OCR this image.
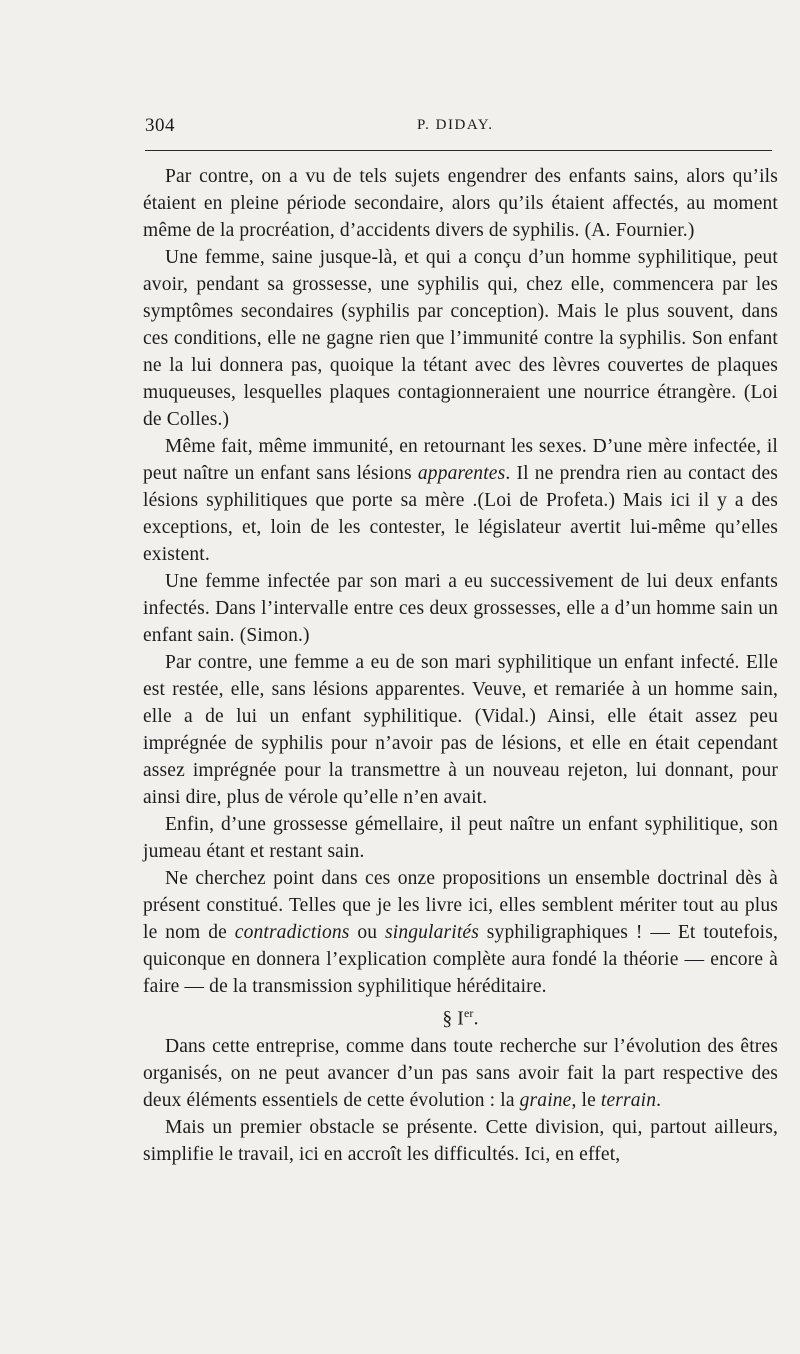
304	P. DIDAY.

Par contre, on a vu de tels sujets engendrer des enfants sains, alors qu’ils étaient en pleine période secondaire, alors qu’ils étaient affectés, au moment même de la procréation, d’accidents divers de syphilis. (A. Fournier.)

Une femme, saine jusque-là, et qui a conçu d’un homme syphilitique, peut avoir, pendant sa grossesse, une syphilis qui, chez elle, commencera par les symptômes secondaires (syphilis par conception). Mais le plus souvent, dans ces conditions, elle ne gagne rien que l’immunité contre la syphilis. Son enfant ne la lui donnera pas, quoique la tétant avec des lèvres couvertes de plaques muqueuses, lesquelles plaques contagionneraient une nourrice étrangère. (Loi de Colles.)

Même fait, même immunité, en retournant les sexes. D’une mère infectée, il peut naître un enfant sans lésions apparentes. Il ne prendra rien au contact des lésions syphilitiques que porte sa mère .(Loi de Profeta.) Mais ici il y a des exceptions, et, loin de les contester, le législateur avertit lui-même qu’elles existent.

Une femme infectée par son mari a eu successivement de lui deux enfants infectés. Dans l’intervalle entre ces deux grossesses, elle a d’un homme sain un enfant sain. (Simon.)

Par contre, une femme a eu de son mari syphilitique un enfant infecté. Elle est restée, elle, sans lésions apparentes. Veuve, et remariée à un homme sain, elle a de lui un enfant syphilitique. (Vidal.) Ainsi, elle était assez peu imprégnée de syphilis pour n’avoir pas de lésions, et elle en était cependant assez imprégnée pour la transmettre à un nouveau rejeton, lui donnant, pour ainsi dire, plus de vérole qu’elle n’en avait.

Enfin, d’une grossesse gémellaire, il peut naître un enfant syphilitique, son jumeau étant et restant sain.

Ne cherchez point dans ces onze propositions un ensemble doctrinal dès à présent constitué. Telles que je les livre ici, elles semblent mériter tout au plus le nom de contradictions ou singularités syphiligraphiques ! — Et toutefois, quiconque en donnera l’explication complète aura fondé la théorie — encore à faire — de la transmission syphilitique héréditaire.

§ Ier.

Dans cette entreprise, comme dans toute recherche sur l’évolution des êtres organisés, on ne peut avancer d’un pas sans avoir fait la part respective des deux éléments essentiels de cette évolution : la graine, le terrain.

Mais un premier obstacle se présente. Cette division, qui, partout ailleurs, simplifie le travail, ici en accroît les difficultés. Ici, en effet,
